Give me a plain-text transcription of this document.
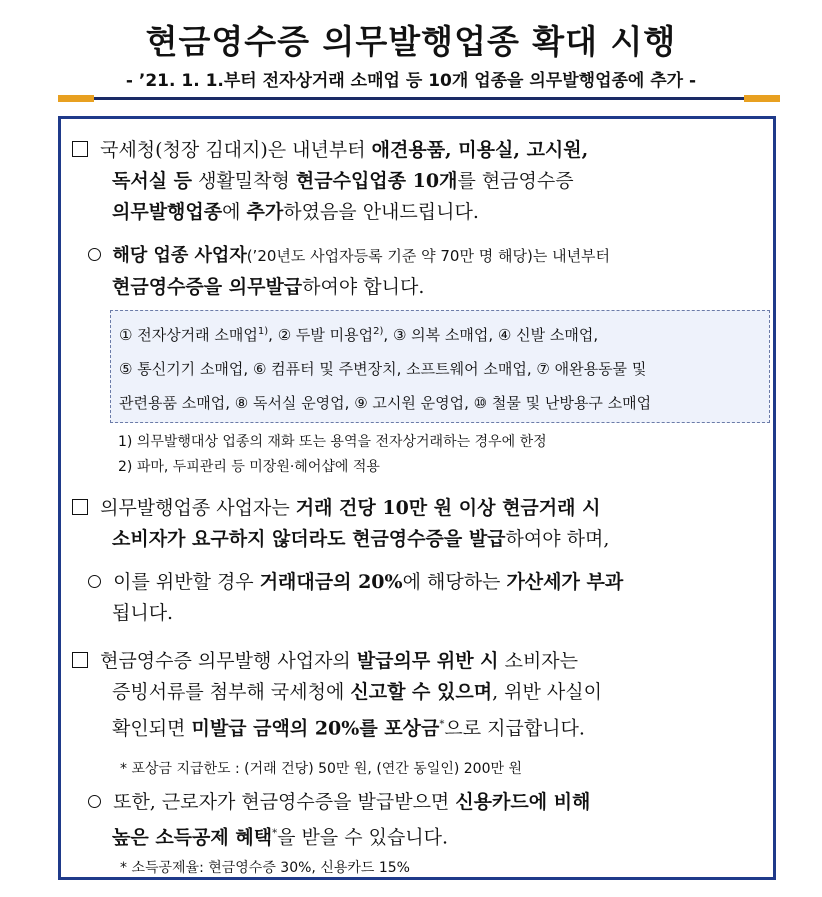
현금영수증 의무발행업종 확대 시행
- ’21. 1. 1.부터 전자상거래 소매업 등 10개 업종을 의무발행업종에 추가 -
국세청(청장 김대지)은 내년부터 애견용품, 미용실, 고시원,
독서실 등 생활밀착형 현금수입업종 10개를 현금영수증
의무발행업종에 추가하였음을 안내드립니다.
해당 업종 사업자(’20년도 사업자등록 기준 약 70만 명 해당)는 내년부터
현금영수증을 의무발급하여야 합니다.
① 전자상거래 소매업$^{1)}$, ② 두발 미용업$^{2)}$, ③ 의복 소매업, ④ 신발 소매업,
⑤ 통신기기 소매업, ⑥ 컴퓨터 및 주변장치, 소프트웨어 소매업, ⑦ 애완용동물 및
관련용품 소매업, ⑧ 독서실 운영업, ⑨ 고시원 운영업, ⑩ 철물 및 난방용구 소매업
1) 의무발행대상 업종의 재화 또는 용역을 전자상거래하는 경우에 한정
2) 파마, 두피관리 등 미장원·헤어샵에 적용
의무발행업종 사업자는 거래 건당 10만 원 이상 현금거래 시
소비자가 요구하지 않더라도 현금영수증을 발급하여야 하며,
이를 위반할 경우 거래대금의 20%에 해당하는 가산세가 부과
됩니다.
현금영수증 의무발행 사업자의 발급의무 위반 시 소비자는
증빙서류를 첨부해 국세청에 신고할 수 있으며, 위반 사실이
확인되면 미발급 금액의 20%를 포상금*으로 지급합니다.
* 포상금 지급한도 : (거래 건당) 50만 원, (연간 동일인) 200만 원
또한, 근로자가 현금영수증을 발급받으면 신용카드에 비해
높은 소득공제 혜택*을 받을 수 있습니다.
* 소득공제율: 현금영수증 30%, 신용카드 15%
